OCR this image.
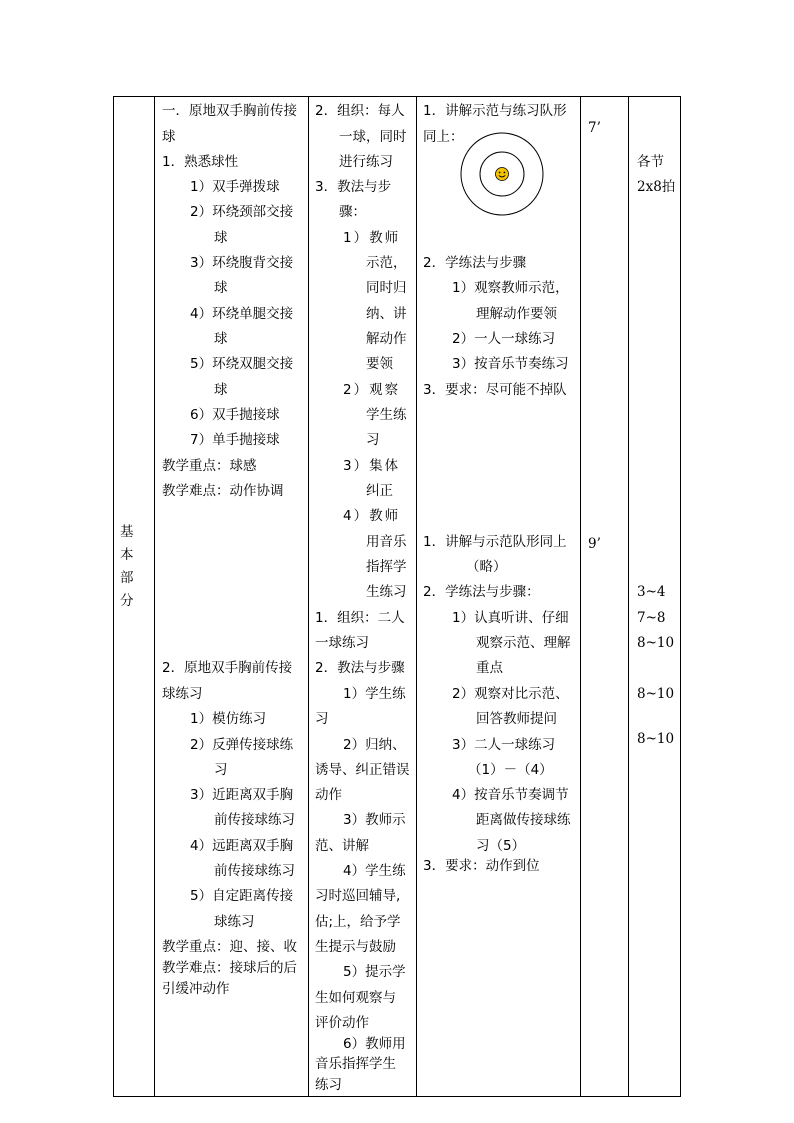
基
本
部
分
一．原地双手胸前传接
球
1．熟悉球性
1）双手弹拨球
2）环绕颈部交接
球
3）环绕腹背交接
球
4）环绕单腿交接
球
5）环绕双腿交接
球
6）双手抛接球
7）单手抛接球
教学重点：球感
教学难点：动作协调
2．原地双手胸前传接
球练习
1）模仿练习
2）反弹传接球练
习
3）近距离双手胸
前传接球练习
4）远距离双手胸
前传接球练习
5）自定距离传接
球练习
教学重点：迎、接、收
教学难点：接球后的后
引缓冲动作
2．组织：每人
一球，同时
进行练习
3．教法与步
骤：
1）教师
示范，
同时归
纳、讲
解动作
要领
2）观察
学生练
习
3）集体
纠正
4）教师
用音乐
指挥学
生练习
1．组织：二人
一球练习
2．教法与步骤
1）学生练
习
2）归纳、
诱导、纠正错误
动作
3）教师示
范、讲解
4）学生练
习时巡回辅导,
估;上，给予学
生提示与鼓励
5）提示学
生如何观察与
评价动作
6）教师用
音乐指挥学生
练习
1．讲解示范与练习队形
同上：
2．学练法与步骤
1）观察教师示范，
理解动作要领
2）一人一球练习
3）按音乐节奏练习
3．要求：尽可能不掉队
1．讲解与示范队形同上
（略）
2．学练法与步骤：
1）认真听讲、仔细
观察示范、理解
重点
2）观察对比示范、
回答教师提问
3）二人一球练习
（1）－（4）
4）按音乐节奏调节
距离做传接球练
习（5）
3．要求：动作到位
7’
9’
各节
2x8拍
3~4
7~8
8~10
8~10
8~10
